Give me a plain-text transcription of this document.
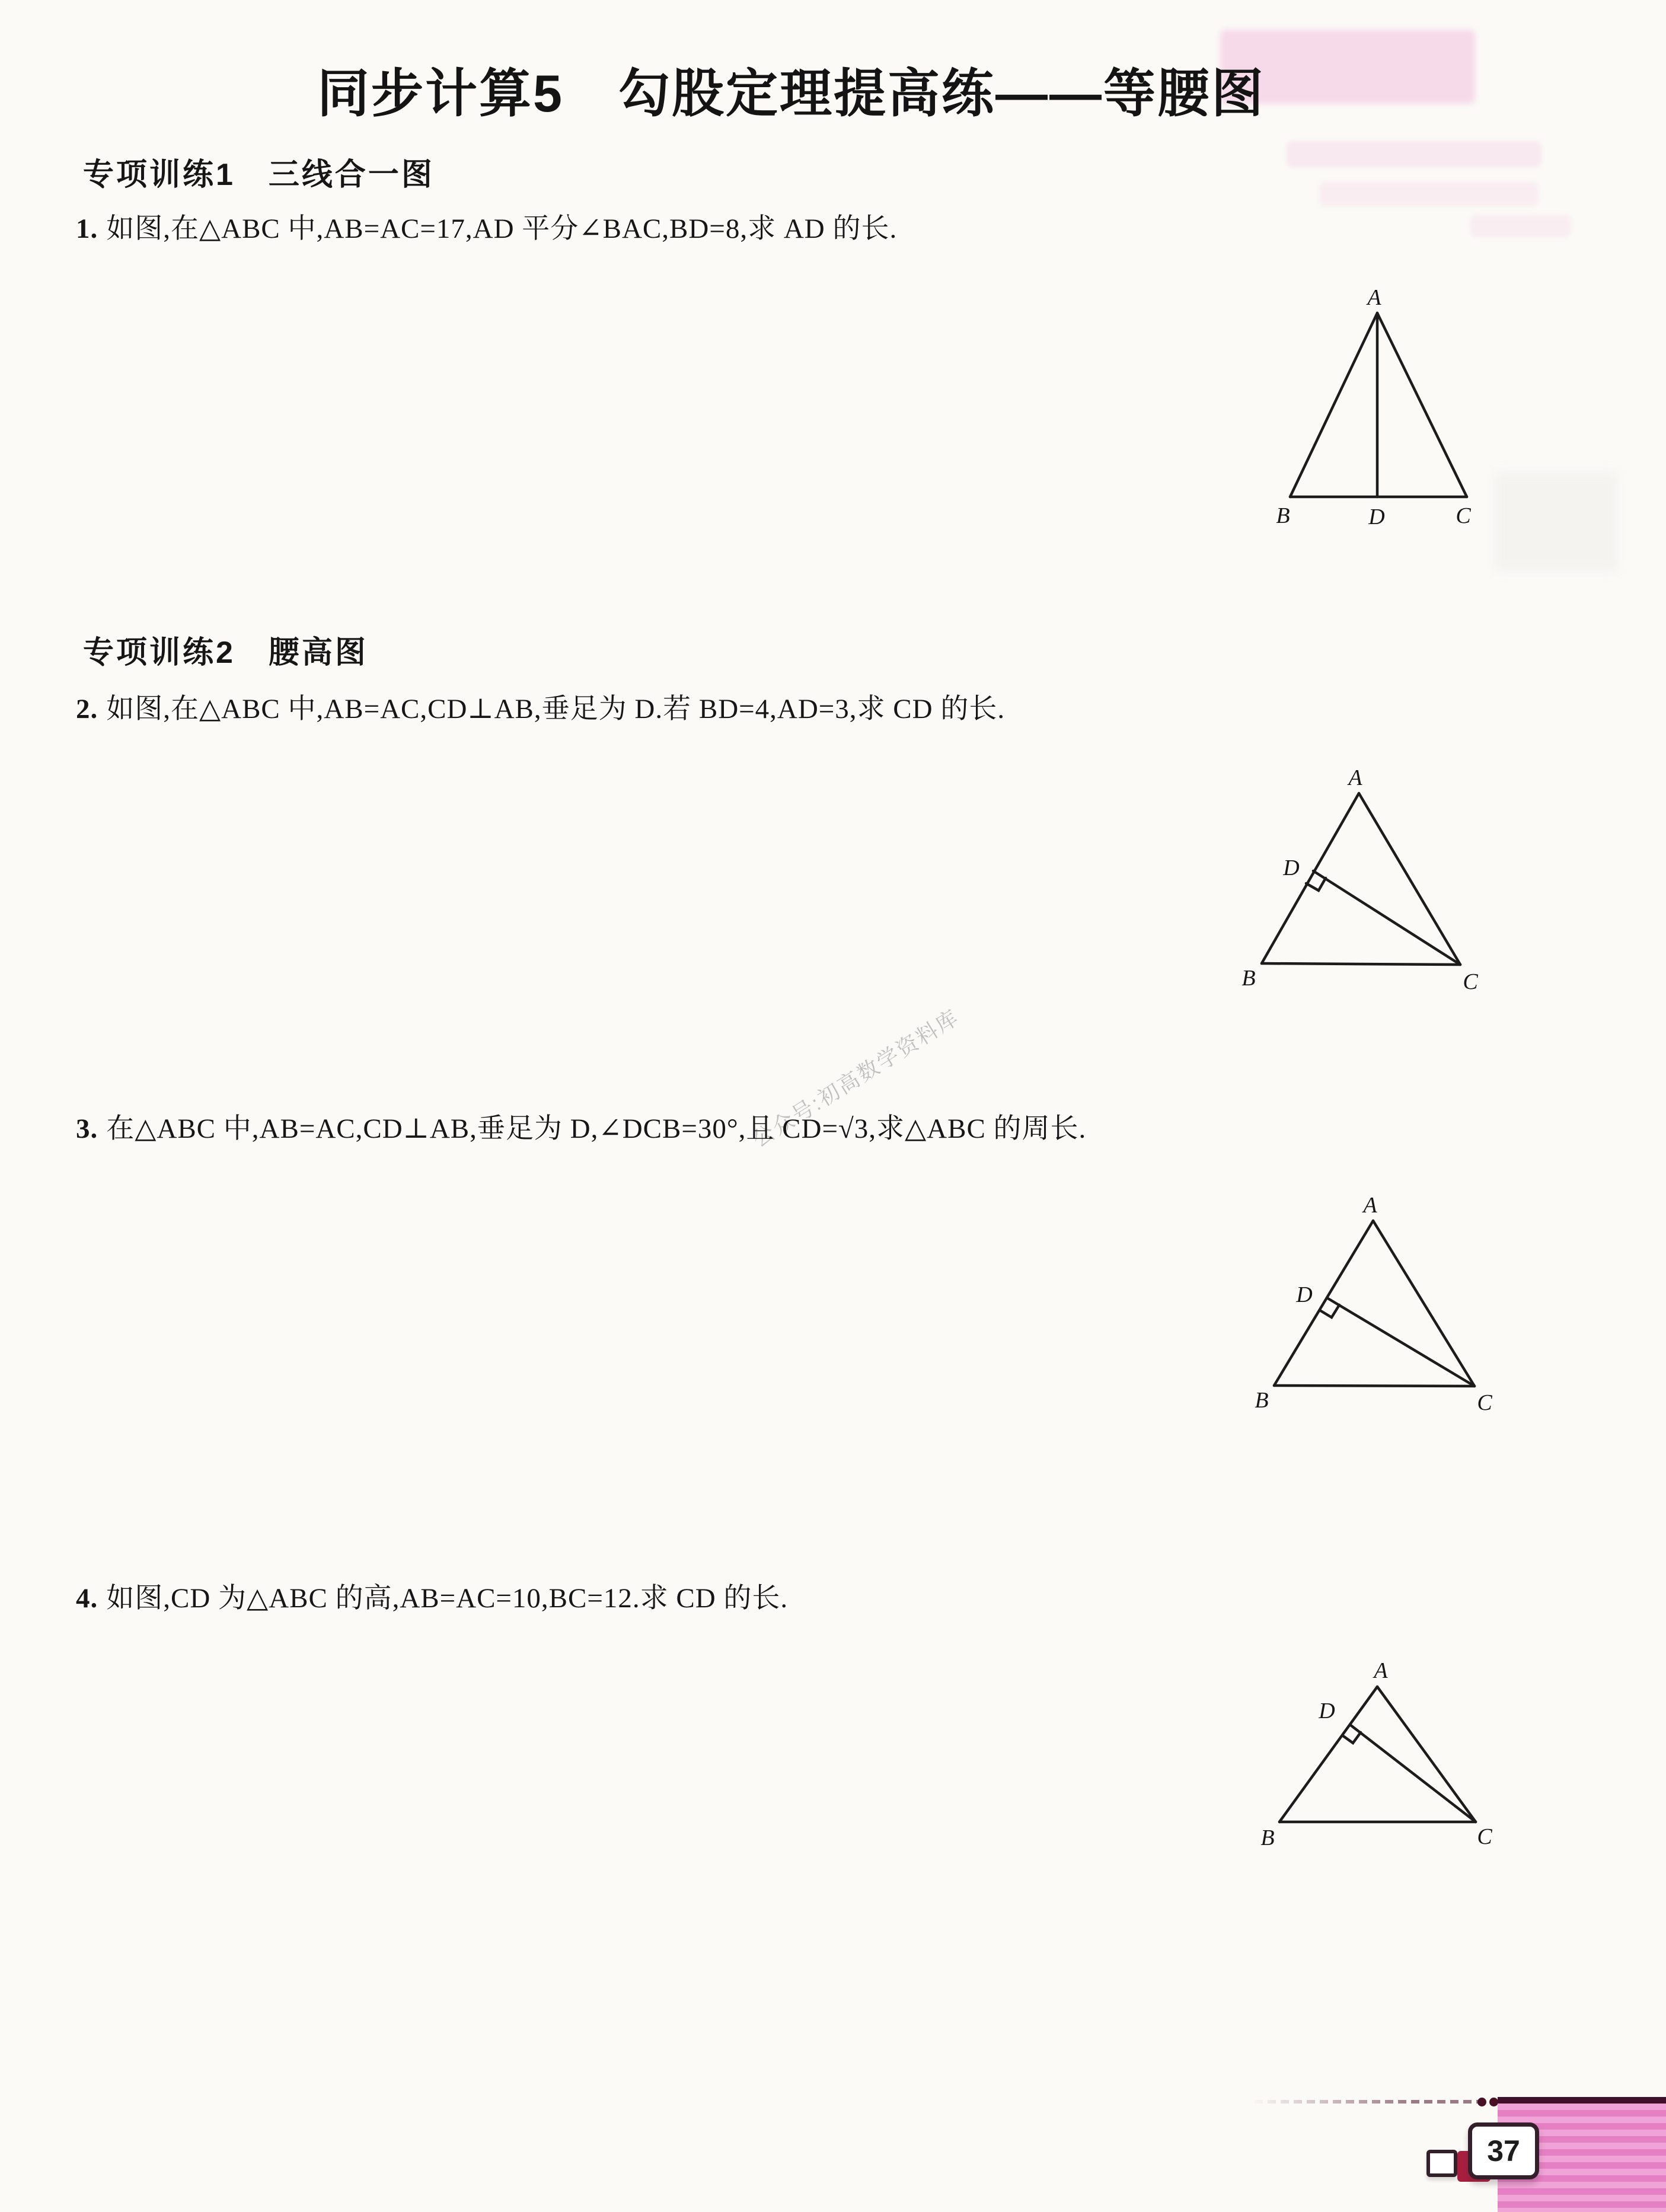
公众号:初高数学资料库
同步计算5　勾股定理提高练——等腰图
专项训练1　三线合一图
1. 如图,在△ABC 中,AB=AC=17,AD 平分∠BAC,BD=8,求 AD 的长.
A
B	D	C
专项训练2　腰高图
2. 如图,在△ABC 中,AB=AC,CD⊥AB,垂足为 D.若 BD=4,AD=3,求 CD 的长.
A
B	C
D
3. 在△ABC 中,AB=AC,CD⊥AB,垂足为 D,∠DCB=30°,且 CD=√3,求△ABC 的周长.
A
B	C
D
4. 如图,CD 为△ABC 的高,AB=AC=10,BC=12.求 CD 的长.
A
B	C
D
37
